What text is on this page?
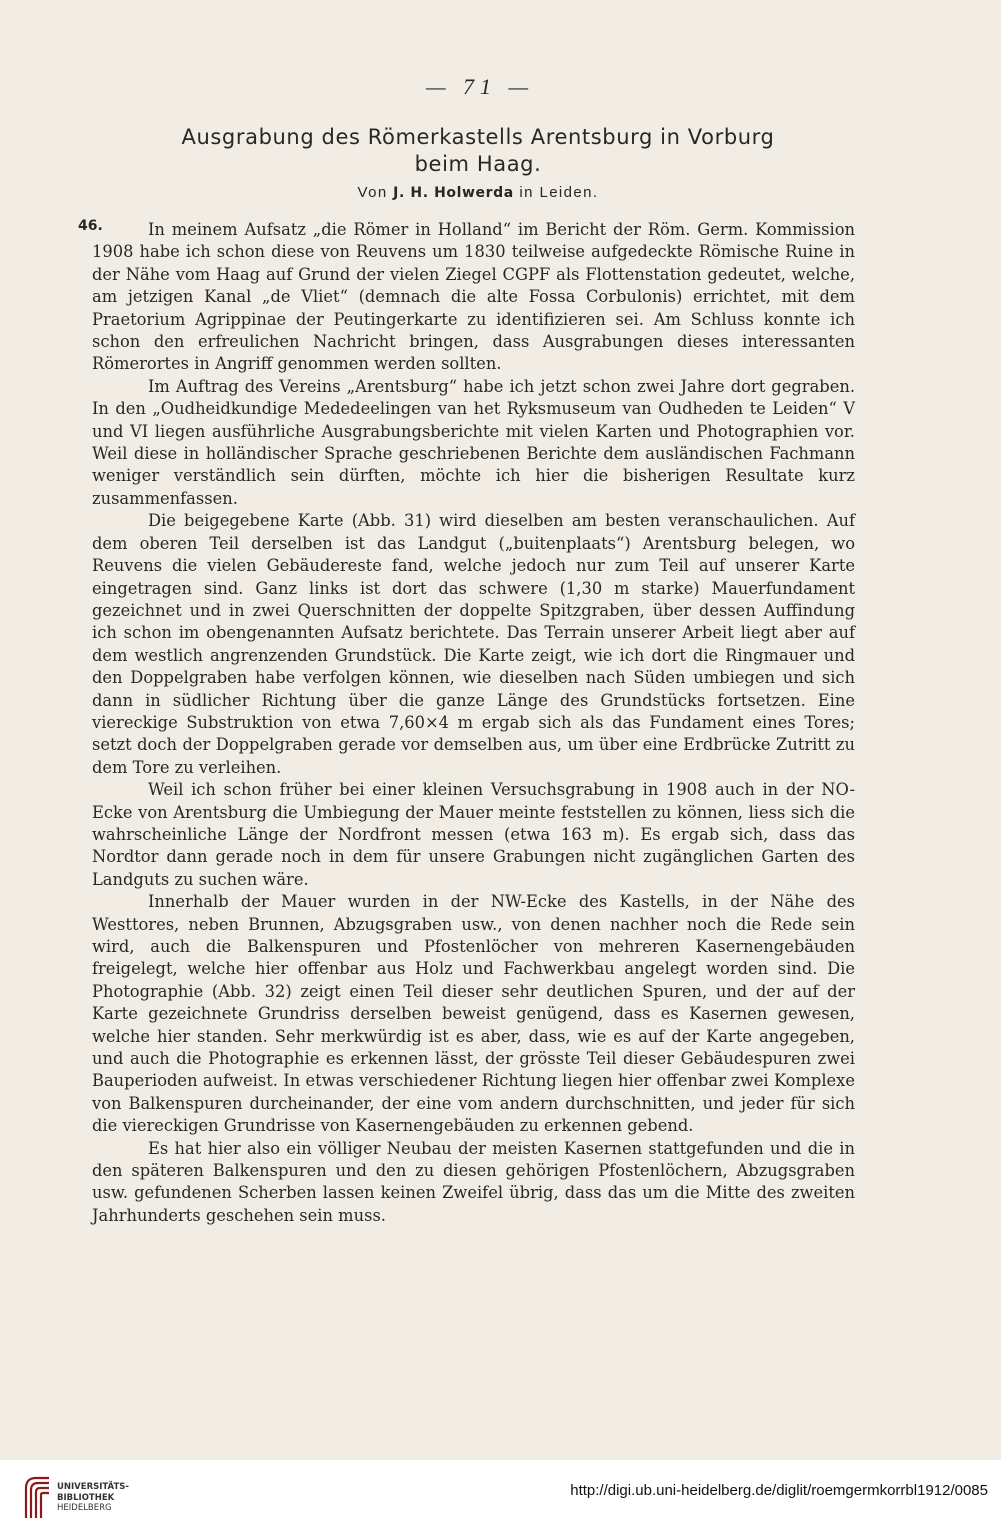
— 71 —
Ausgrabung des Römerkastells Arentsburg in Vorburg
beim Haag.
Von J. H. Holwerda in Leiden.
46.	In meinem Aufsatz „die Römer in Holland“ im Bericht der Röm. Germ. Kommission 1908 habe ich schon diese von Reuvens um 1830 teilweise aufgedeckte Römische Ruine in der Nähe vom Haag auf Grund der vielen Ziegel CGPF als Flottenstation gedeutet, welche, am jetzigen Kanal „de Vliet“ (demnach die alte Fossa Corbulonis) errichtet, mit dem Praetorium Agrippinae der Peutingerkarte zu identifizieren sei. Am Schluss konnte ich schon den erfreulichen Nachricht bringen, dass Ausgrabungen dieses interessanten Römerortes in Angriff genommen werden sollten.

Im Auftrag des Vereins „Arentsburg“ habe ich jetzt schon zwei Jahre dort gegraben. In den „Oudheidkundige Mededeelingen van het Ryksmuseum van Oudheden te Leiden“ V und VI liegen ausführliche Ausgrabungsberichte mit vielen Karten und Photographien vor. Weil diese in holländischer Sprache geschriebenen Berichte dem ausländischen Fachmann weniger verständlich sein dürften, möchte ich hier die bisherigen Resultate kurz zusammenfassen.

Die beigegebene Karte (Abb. 31) wird dieselben am besten veranschaulichen. Auf dem oberen Teil derselben ist das Landgut („buitenplaats“) Arentsburg belegen, wo Reuvens die vielen Gebäudereste fand, welche jedoch nur zum Teil auf unserer Karte eingetragen sind. Ganz links ist dort das schwere (1,30 m starke) Mauerfundament gezeichnet und in zwei Querschnitten der doppelte Spitzgraben, über dessen Auffindung ich schon im obengenannten Aufsatz berichtete. Das Terrain unserer Arbeit liegt aber auf dem westlich angrenzenden Grundstück. Die Karte zeigt, wie ich dort die Ringmauer und den Doppelgraben habe verfolgen können, wie dieselben nach Süden umbiegen und sich dann in südlicher Richtung über die ganze Länge des Grundstücks fortsetzen. Eine viereckige Substruktion von etwa 7,60×4 m ergab sich als das Fundament eines Tores; setzt doch der Doppelgraben gerade vor demselben aus, um über eine Erdbrücke Zutritt zu dem Tore zu verleihen.

Weil ich schon früher bei einer kleinen Versuchsgrabung in 1908 auch in der NO-Ecke von Arentsburg die Umbiegung der Mauer meinte feststellen zu können, liess sich die wahrscheinliche Länge der Nordfront messen (etwa 163 m). Es ergab sich, dass das Nordtor dann gerade noch in dem für unsere Grabungen nicht zugänglichen Garten des Landguts zu suchen wäre.

Innerhalb der Mauer wurden in der NW-Ecke des Kastells, in der Nähe des Westtores, neben Brunnen, Abzugsgraben usw., von denen nachher noch die Rede sein wird, auch die Balkenspuren und Pfostenlöcher von mehreren Kasernengebäuden freigelegt, welche hier offenbar aus Holz und Fachwerkbau angelegt worden sind. Die Photographie (Abb. 32) zeigt einen Teil dieser sehr deutlichen Spuren, und der auf der Karte gezeichnete Grundriss derselben beweist genügend, dass es Kasernen gewesen, welche hier standen. Sehr merkwürdig ist es aber, dass, wie es auf der Karte angegeben, und auch die Photographie es erkennen lässt, der grösste Teil dieser Gebäudespuren zwei Bauperioden aufweist. In etwas verschiedener Richtung liegen hier offenbar zwei Komplexe von Balkenspuren durcheinander, der eine vom andern durchschnitten, und jeder für sich die viereckigen Grundrisse von Kasernengebäuden zu erkennen gebend.

Es hat hier also ein völliger Neubau der meisten Kasernen stattgefunden und die in den späteren Balkenspuren und den zu diesen gehörigen Pfostenlöchern, Abzugsgraben usw. gefundenen Scherben lassen keinen Zweifel übrig, dass das um die Mitte des zweiten Jahrhunderts geschehen sein muss.

UNIVERSITÄTS-
BIBLIOTHEK
HEIDELBERG
http://digi.ub.uni-heidelberg.de/diglit/roemgermkorrbl1912/0085
